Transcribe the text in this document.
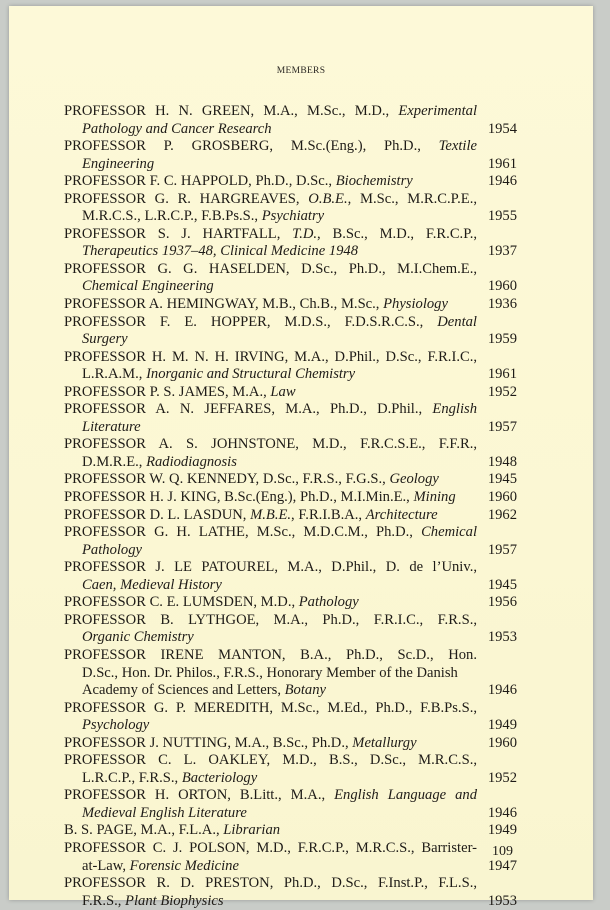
MEMBERS
PROFESSOR H. N. GREEN, M.A., M.Sc., M.D., Experimental
Pathology and Cancer Research	1954
PROFESSOR P. GROSBERG, M.Sc.(Eng.), Ph.D., Textile
Engineering	1961
PROFESSOR F. C. HAPPOLD, Ph.D., D.Sc., Biochemistry	1946
PROFESSOR G. R. HARGREAVES, O.B.E., M.Sc., M.R.C.P.E.,
M.R.C.S., L.R.C.P., F.B.Ps.S., Psychiatry	1955
PROFESSOR S. J. HARTFALL, T.D., B.Sc., M.D., F.R.C.P.,
Therapeutics 1937–48, Clinical Medicine 1948	1937
PROFESSOR G. G. HASELDEN, D.Sc., Ph.D., M.I.Chem.E.,
Chemical Engineering	1960
PROFESSOR A. HEMINGWAY, M.B., Ch.B., M.Sc., Physiology	1936
PROFESSOR F. E. HOPPER, M.D.S., F.D.S.R.C.S., Dental
Surgery	1959
PROFESSOR H. M. N. H. IRVING, M.A., D.Phil., D.Sc., F.R.I.C.,
L.R.A.M., Inorganic and Structural Chemistry	1961
PROFESSOR P. S. JAMES, M.A., Law	1952
PROFESSOR A. N. JEFFARES, M.A., Ph.D., D.Phil., English
Literature	1957
PROFESSOR A. S. JOHNSTONE, M.D., F.R.C.S.E., F.F.R.,
D.M.R.E., Radiodiagnosis	1948
PROFESSOR W. Q. KENNEDY, D.Sc., F.R.S., F.G.S., Geology	1945
PROFESSOR H. J. KING, B.Sc.(Eng.), Ph.D., M.I.Min.E., Mining	1960
PROFESSOR D. L. LASDUN, M.B.E., F.R.I.B.A., Architecture	1962
PROFESSOR G. H. LATHE, M.Sc., M.D.C.M., Ph.D., Chemical
Pathology	1957
PROFESSOR J. LE PATOUREL, M.A., D.Phil., D. de l’Univ.,
Caen, Medieval History	1945
PROFESSOR C. E. LUMSDEN, M.D., Pathology	1956
PROFESSOR B. LYTHGOE, M.A., Ph.D., F.R.I.C., F.R.S.,
Organic Chemistry	1953
PROFESSOR IRENE MANTON, B.A., Ph.D., Sc.D., Hon.
D.Sc., Hon. Dr. Philos., F.R.S., Honorary Member of the Danish
Academy of Sciences and Letters, Botany	1946
PROFESSOR G. P. MEREDITH, M.Sc., M.Ed., Ph.D., F.B.Ps.S.,
Psychology	1949
PROFESSOR J. NUTTING, M.A., B.Sc., Ph.D., Metallurgy	1960
PROFESSOR C. L. OAKLEY, M.D., B.S., D.Sc., M.R.C.S.,
L.R.C.P., F.R.S., Bacteriology	1952
PROFESSOR H. ORTON, B.Litt., M.A., English Language and
Medieval English Literature	1946
B. S. PAGE, M.A., F.L.A., Librarian	1949
PROFESSOR C. J. POLSON, M.D., F.R.C.P., M.R.C.S., Barrister-
at-Law, Forensic Medicine	1947
PROFESSOR R. D. PRESTON, Ph.D., D.Sc., F.Inst.P., F.L.S.,
F.R.S., Plant Biophysics	1953
109
